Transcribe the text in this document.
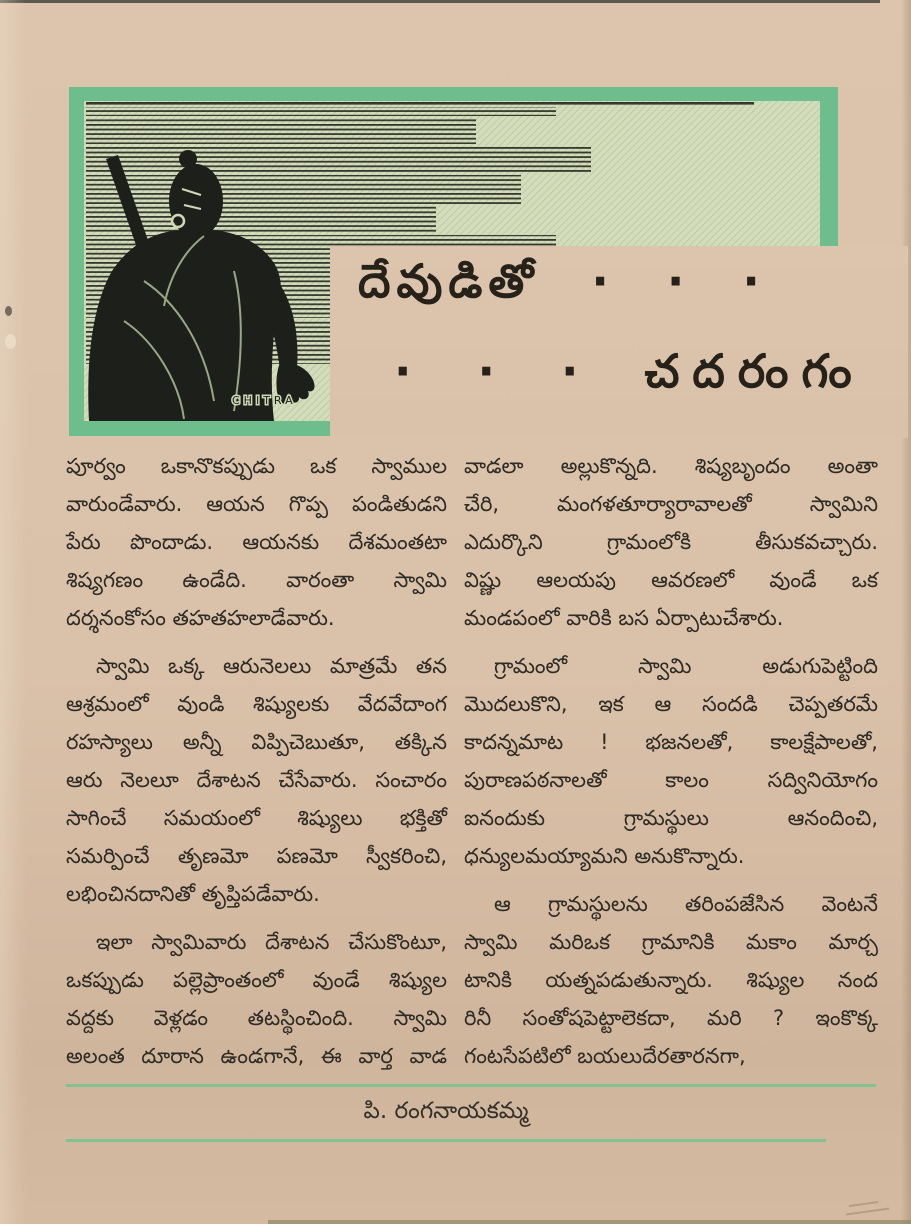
CHITRA
దేవుడితో · · ·
· · · చదరంగం
పూర్వం ఒకానొకప్పుడు ఒక స్వాముల
వారుండేవారు. ఆయన గొప్ప పండితుడని
పేరు పొందాడు. ఆయనకు దేశమంతటా
శిష్యగణం ఉండేది. వారంతా స్వామి
దర్శనంకోసం తహతహలాడేవారు.
స్వామి ఒక్క ఆరునెలలు మాత్రమే తన
ఆశ్రమంలో వుండి శిష్యులకు వేదవేదాంగ
రహస్యాలు అన్నీ విప్పిచెబుతూ, తక్కిన
ఆరు నెలలూ దేశాటన చేసేవారు. సంచారం
సాగించే సమయంలో శిష్యులు భక్తితో
సమర్పించే తృణమో పణమో స్వీకరించి,
లభించినదానితో తృప్తిపడేవారు.
ఇలా స్వామివారు దేశాటన చేసుకొంటూ,
ఒకప్పుడు పల్లెప్రాంతంలో వుండే శిష్యుల
వద్దకు వెళ్లడం తటస్థించింది. స్వామి
అలంత దూరాన ఉండగానే, ఈ వార్త వాడ
వాడలా అల్లుకొన్నది. శిష్యబృందం అంతా
చేరి, మంగళతూర్యారావాలతో స్వామిని
ఎదుర్కొని గ్రామంలోకి తీసుకవచ్చారు.
విష్ణు ఆలయపు ఆవరణలో వుండే ఒక
మండపంలో వారికి బస ఏర్పాటుచేశారు.
గ్రామంలో స్వామి అడుగుపెట్టింది
మొదలుకొని, ఇక ఆ సందడి చెప్పతరమే
కాదన్నమాట ! భజనలతో, కాలక్షేపాలతో,
పురాణపఠనాలతో కాలం సద్వినియోగం
ఐనందుకు గ్రామస్థులు ఆనందించి,
ధన్యులమయ్యామని అనుకొన్నారు.
ఆ గ్రామస్థులను తరింపజేసిన వెంటనే
స్వామి మరిఒక గ్రామానికి మకాం మార్చ
టానికి యత్నపడుతున్నారు. శిష్యుల నంద
రినీ సంతోషపెట్టాలెకదా, మరి ? ఇంకొక్క
గంటసేపటిలో బయలుదేరతారనగా,
పి. రంగనాయకమ్మ
